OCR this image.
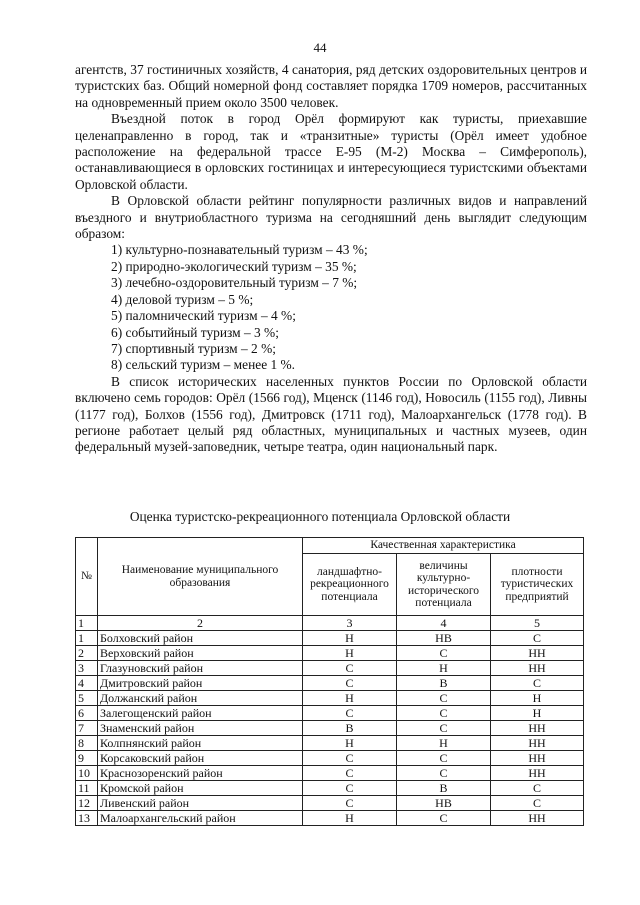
44

агентств, 37 гостиничных хозяйств, 4 санатория, ряд детских оздоровительных центров и туристских баз. Общий номерной фонд составляет порядка 1709 номеров, рассчитанных на одновременный прием около 3500 человек.

Въездной поток в город Орёл формируют как туристы, приехавшие целенаправленно в город, так и «транзитные» туристы (Орёл имеет удобное расположение на федеральной трассе Е-95 (М-2) Москва – Симферополь), останавливающиеся в орловских гостиницах и интересующиеся туристскими объектами Орловской области.

В Орловской области рейтинг популярности различных видов и направлений въездного и внутриобластного туризма на сегодняшний день выглядит следующим образом:

1) культурно-познавательный туризм – 43 %;
2) природно-экологический туризм – 35 %;
3) лечебно-оздоровительный туризм – 7 %;
4) деловой туризм – 5 %;
5) паломнический туризм – 4 %;
6) событийный туризм – 3 %;
7) спортивный туризм – 2 %;
8) сельский туризм – менее 1 %.

В список исторических населенных пунктов России по Орловской области включено семь городов: Орёл (1566 год), Мценск (1146 год), Новосиль (1155 год), Ливны (1177 год), Болхов (1556 год), Дмитровск (1711 год), Малоархангельск (1778 год). В регионе работает целый ряд областных, муниципальных и частных музеев, один федеральный музей-заповедник, четыре театра, один национальный парк.

Оценка туристско-рекреационного потенциала Орловской области
№	Наименование муниципального образования	Качественная характеристика		
		ландшафтно-рекреационного потенциала	величины культурно-исторического потенциала	плотности туристических предприятий
1	2	3	4	5
1	Болховский район	Н	НВ	С
2	Верховский район	Н	С	НН
3	Глазуновский район	С	Н	НН
4	Дмитровский район	С	В	С
5	Должанский район	Н	С	Н
6	Залегощенский район	С	С	Н
7	Знаменский район	В	С	НН
8	Колпнянский район	Н	Н	НН
9	Корсаковский район	С	С	НН
10	Краснозоренский район	С	С	НН
11	Кромской район	С	В	С
12	Ливенский район	С	НВ	С
13	Малоархангельский район	Н	С	НН
